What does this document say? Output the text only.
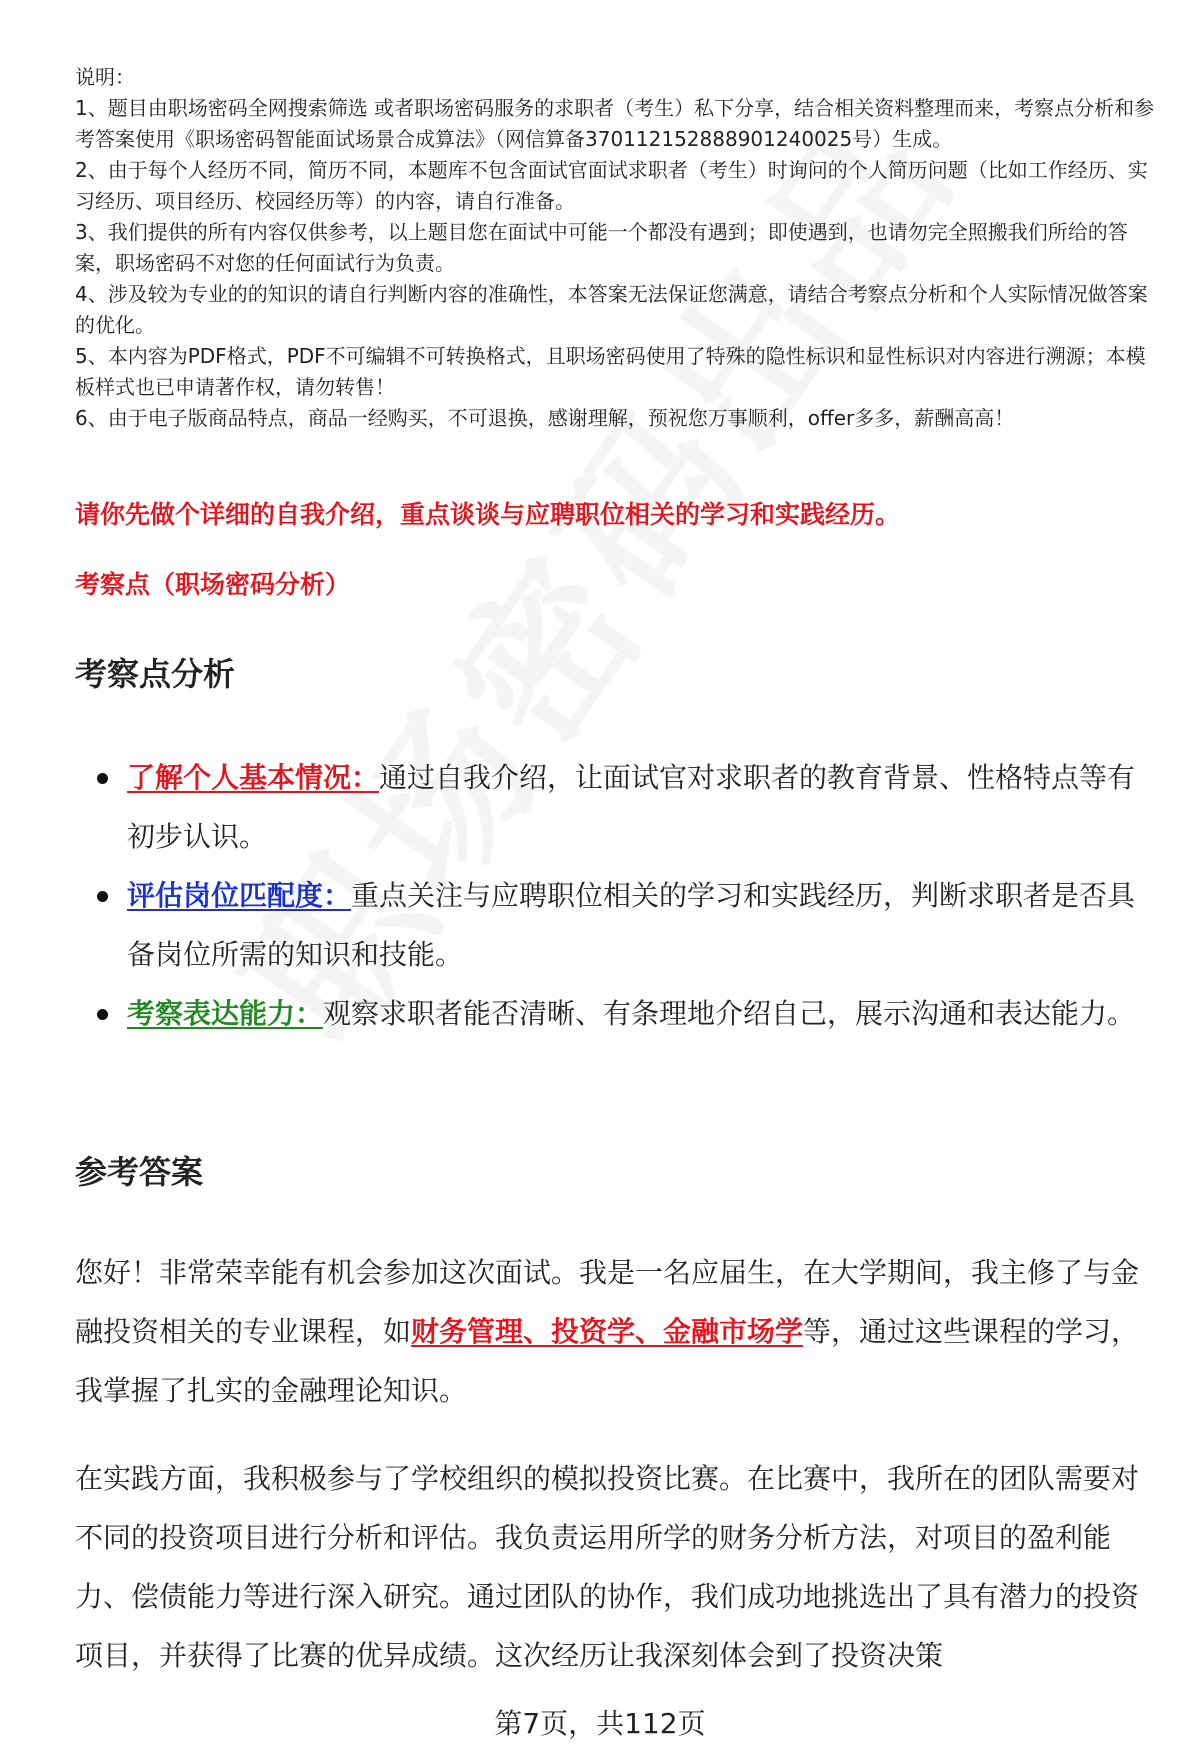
说明：
1、题目由职场密码全网搜索筛选 或者职场密码服务的求职者（考生）私下分享，结合相关资料整理而来，考察点分析和参考答案使用《职场密码智能面试场景合成算法》（网信算备370112152888901240025号）生成。
2、由于每个人经历不同，简历不同，本题库不包含面试官面试求职者（考生）时询问的个人简历问题（比如工作经历、实习经历、项目经历、校园经历等）的内容，请自行准备。
3、我们提供的所有内容仅供参考，以上题目您在面试中可能一个都没有遇到；即使遇到，也请勿完全照搬我们所给的答案，职场密码不对您的任何面试行为负责。
4、涉及较为专业的的知识的请自行判断内容的准确性，本答案无法保证您满意，请结合考察点分析和个人实际情况做答案的优化。
5、本内容为PDF格式，PDF不可编辑不可转换格式，且职场密码使用了特殊的隐性标识和显性标识对内容进行溯源；本模板样式也已申请著作权，请勿转售！
6、由于电子版商品特点，商品一经购买，不可退换，感谢理解，预祝您万事顺利，offer多多，薪酬高高！
请你先做个详细的自我介绍，重点谈谈与应聘职位相关的学习和实践经历。
考察点（职场密码分析）
考察点分析
了解个人基本情况：通过自我介绍，让面试官对求职者的教育背景、性格特点等有初步认识。
评估岗位匹配度：重点关注与应聘职位相关的学习和实践经历，判断求职者是否具备岗位所需的知识和技能。
考察表达能力：观察求职者能否清晰、有条理地介绍自己，展示沟通和表达能力。
参考答案

您好！非常荣幸能有机会参加这次面试。我是一名应届生，在大学期间，我主修了与金融投资相关的专业课程，如财务管理、投资学、金融市场学等，通过这些课程的学习，我掌握了扎实的金融理论知识。

在实践方面，我积极参与了学校组织的模拟投资比赛。在比赛中，我所在的团队需要对不同的投资项目进行分析和评估。我负责运用所学的财务分析方法，对项目的盈利能力、偿债能力等进行深入研究。通过团队的协作，我们成功地挑选出了具有潜力的投资项目，并获得了比赛的优异成绩。这次经历让我深刻体会到了投资决策

第7页，共112页
